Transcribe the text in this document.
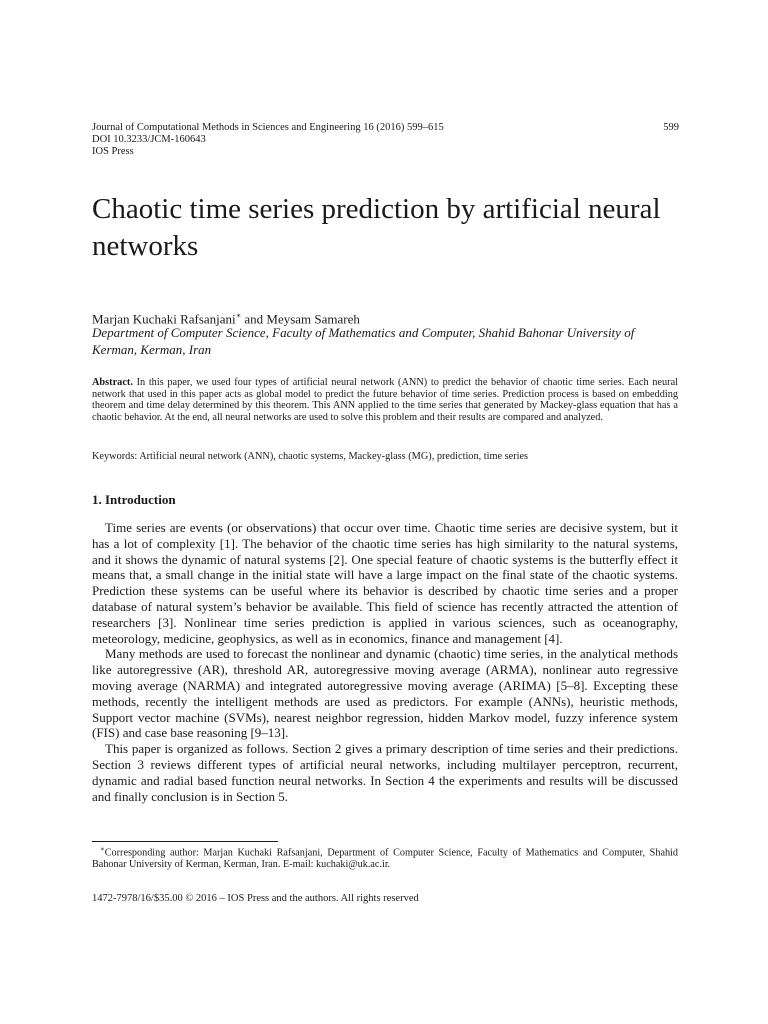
Journal of Computational Methods in Sciences and Engineering 16 (2016) 599–615
DOI 10.3233/JCM-160643
IOS Press
599
Chaotic time series prediction by artificial neural networks
Marjan Kuchaki Rafsanjani∗ and Meysam Samareh
Department of Computer Science, Faculty of Mathematics and Computer, Shahid Bahonar University of Kerman, Kerman, Iran
Abstract. In this paper, we used four types of artificial neural network (ANN) to predict the behavior of chaotic time series. Each neural network that used in this paper acts as global model to predict the future behavior of time series. Prediction process is based on embedding theorem and time delay determined by this theorem. This ANN applied to the time series that generated by Mackey-glass equation that has a chaotic behavior. At the end, all neural networks are used to solve this problem and their results are compared and analyzed.
Keywords: Artificial neural network (ANN), chaotic systems, Mackey-glass (MG), prediction, time series
1. Introduction

Time series are events (or observations) that occur over time. Chaotic time series are decisive system, but it has a lot of complexity [1]. The behavior of the chaotic time series has high similarity to the natural systems, and it shows the dynamic of natural systems [2]. One special feature of chaotic systems is the butterfly effect it means that, a small change in the initial state will have a large impact on the final state of the chaotic systems. Prediction these systems can be useful where its behavior is described by chaotic time series and a proper database of natural system’s behavior be available. This field of science has recently attracted the attention of researchers [3]. Nonlinear time series prediction is applied in various sciences, such as oceanography, meteorology, medicine, geophysics, as well as in economics, finance and management [4].

Many methods are used to forecast the nonlinear and dynamic (chaotic) time series, in the analytical methods like autoregressive (AR), threshold AR, autoregressive moving average (ARMA), nonlinear auto regressive moving average (NARMA) and integrated autoregressive moving average (ARIMA) [5–8]. Excepting these methods, recently the intelligent methods are used as predictors. For example (ANNs), heuristic methods, Support vector machine (SVMs), nearest neighbor regression, hidden Markov model, fuzzy inference system (FIS) and case base reasoning [9–13].

This paper is organized as follows. Section 2 gives a primary description of time series and their predictions. Section 3 reviews different types of artificial neural networks, including multilayer perceptron, recurrent, dynamic and radial based function neural networks. In Section 4 the experiments and results will be discussed and finally conclusion is in Section 5.

∗Corresponding author: Marjan Kuchaki Rafsanjani, Department of Computer Science, Faculty of Mathematics and Computer, Shahid Bahonar University of Kerman, Kerman, Iran. E-mail: kuchaki@uk.ac.ir.
1472-7978/16/$35.00 © 2016 – IOS Press and the authors. All rights reserved
